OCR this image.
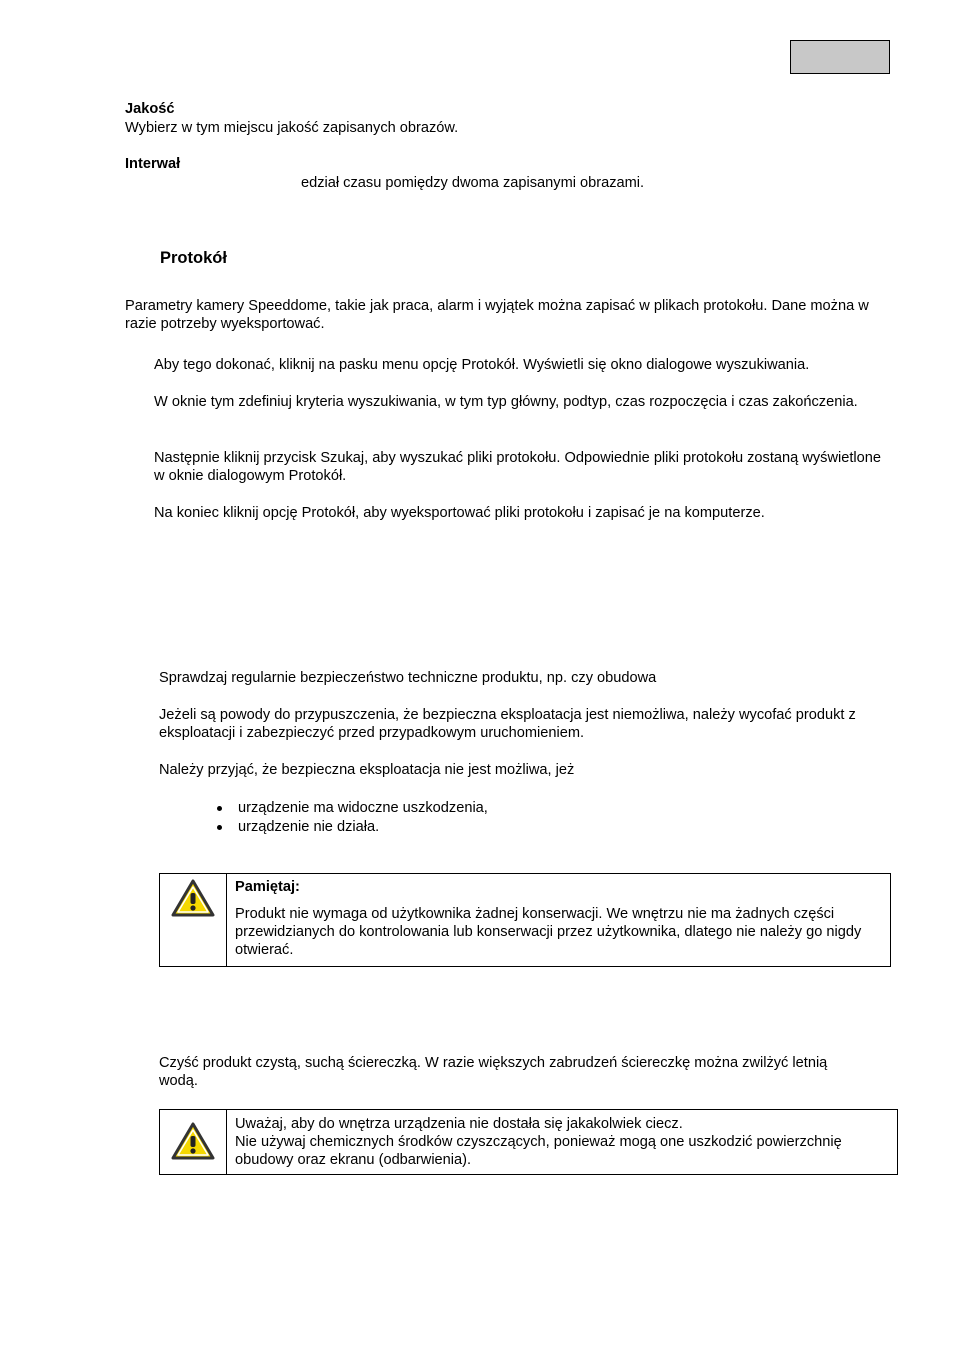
Jakość
Wybierz w tym miejscu jakość zapisanych obrazów.
Interwał
edział czasu pomiędzy dwoma zapisanymi obrazami.
Protokół
Parametry kamery Speeddome, takie jak praca, alarm i wyjątek można zapisać w plikach protokołu. Dane można w razie potrzeby wyeksportować.
Aby tego dokonać, kliknij na pasku menu opcję Protokół. Wyświetli się okno dialogowe wyszukiwania.
W oknie tym zdefiniuj kryteria wyszukiwania, w tym typ główny, podtyp, czas rozpoczęcia i czas zakończenia.
Następnie kliknij przycisk Szukaj, aby wyszukać pliki protokołu. Odpowiednie pliki protokołu zostaną wyświetlone w oknie dialogowym Protokół.
Na koniec kliknij opcję Protokół, aby wyeksportować pliki protokołu i zapisać je na komputerze.
Sprawdzaj regularnie bezpieczeństwo techniczne produktu, np. czy obudowa
Jeżeli są powody do przypuszczenia, że bezpieczna eksploatacja jest niemożliwa, należy wycofać produkt z eksploatacji i zabezpieczyć przed przypadkowym uruchomieniem.
Należy przyjąć, że bezpieczna eksploatacja nie jest możliwa, jeż
urządzenie ma widoczne uszkodzenia,
urządzenie nie działa.
Pamiętaj:
Produkt nie wymaga od użytkownika żadnej konserwacji. We wnętrzu nie ma żadnych części przewidzianych do kontrolowania lub konserwacji przez użytkownika, dlatego nie należy go nigdy otwierać.
Czyść produkt czystą, suchą ścierеczką. W razie większych zabrudzeń ściereczkę można zwilżyć letnią wodą.
Uważaj, aby do wnętrza urządzenia nie dostała się jakakolwiek ciecz.
Nie używaj chemicznych środków czyszczących, ponieważ mogą one uszkodzić powierzchnię obudowy oraz ekranu (odbarwienia).
